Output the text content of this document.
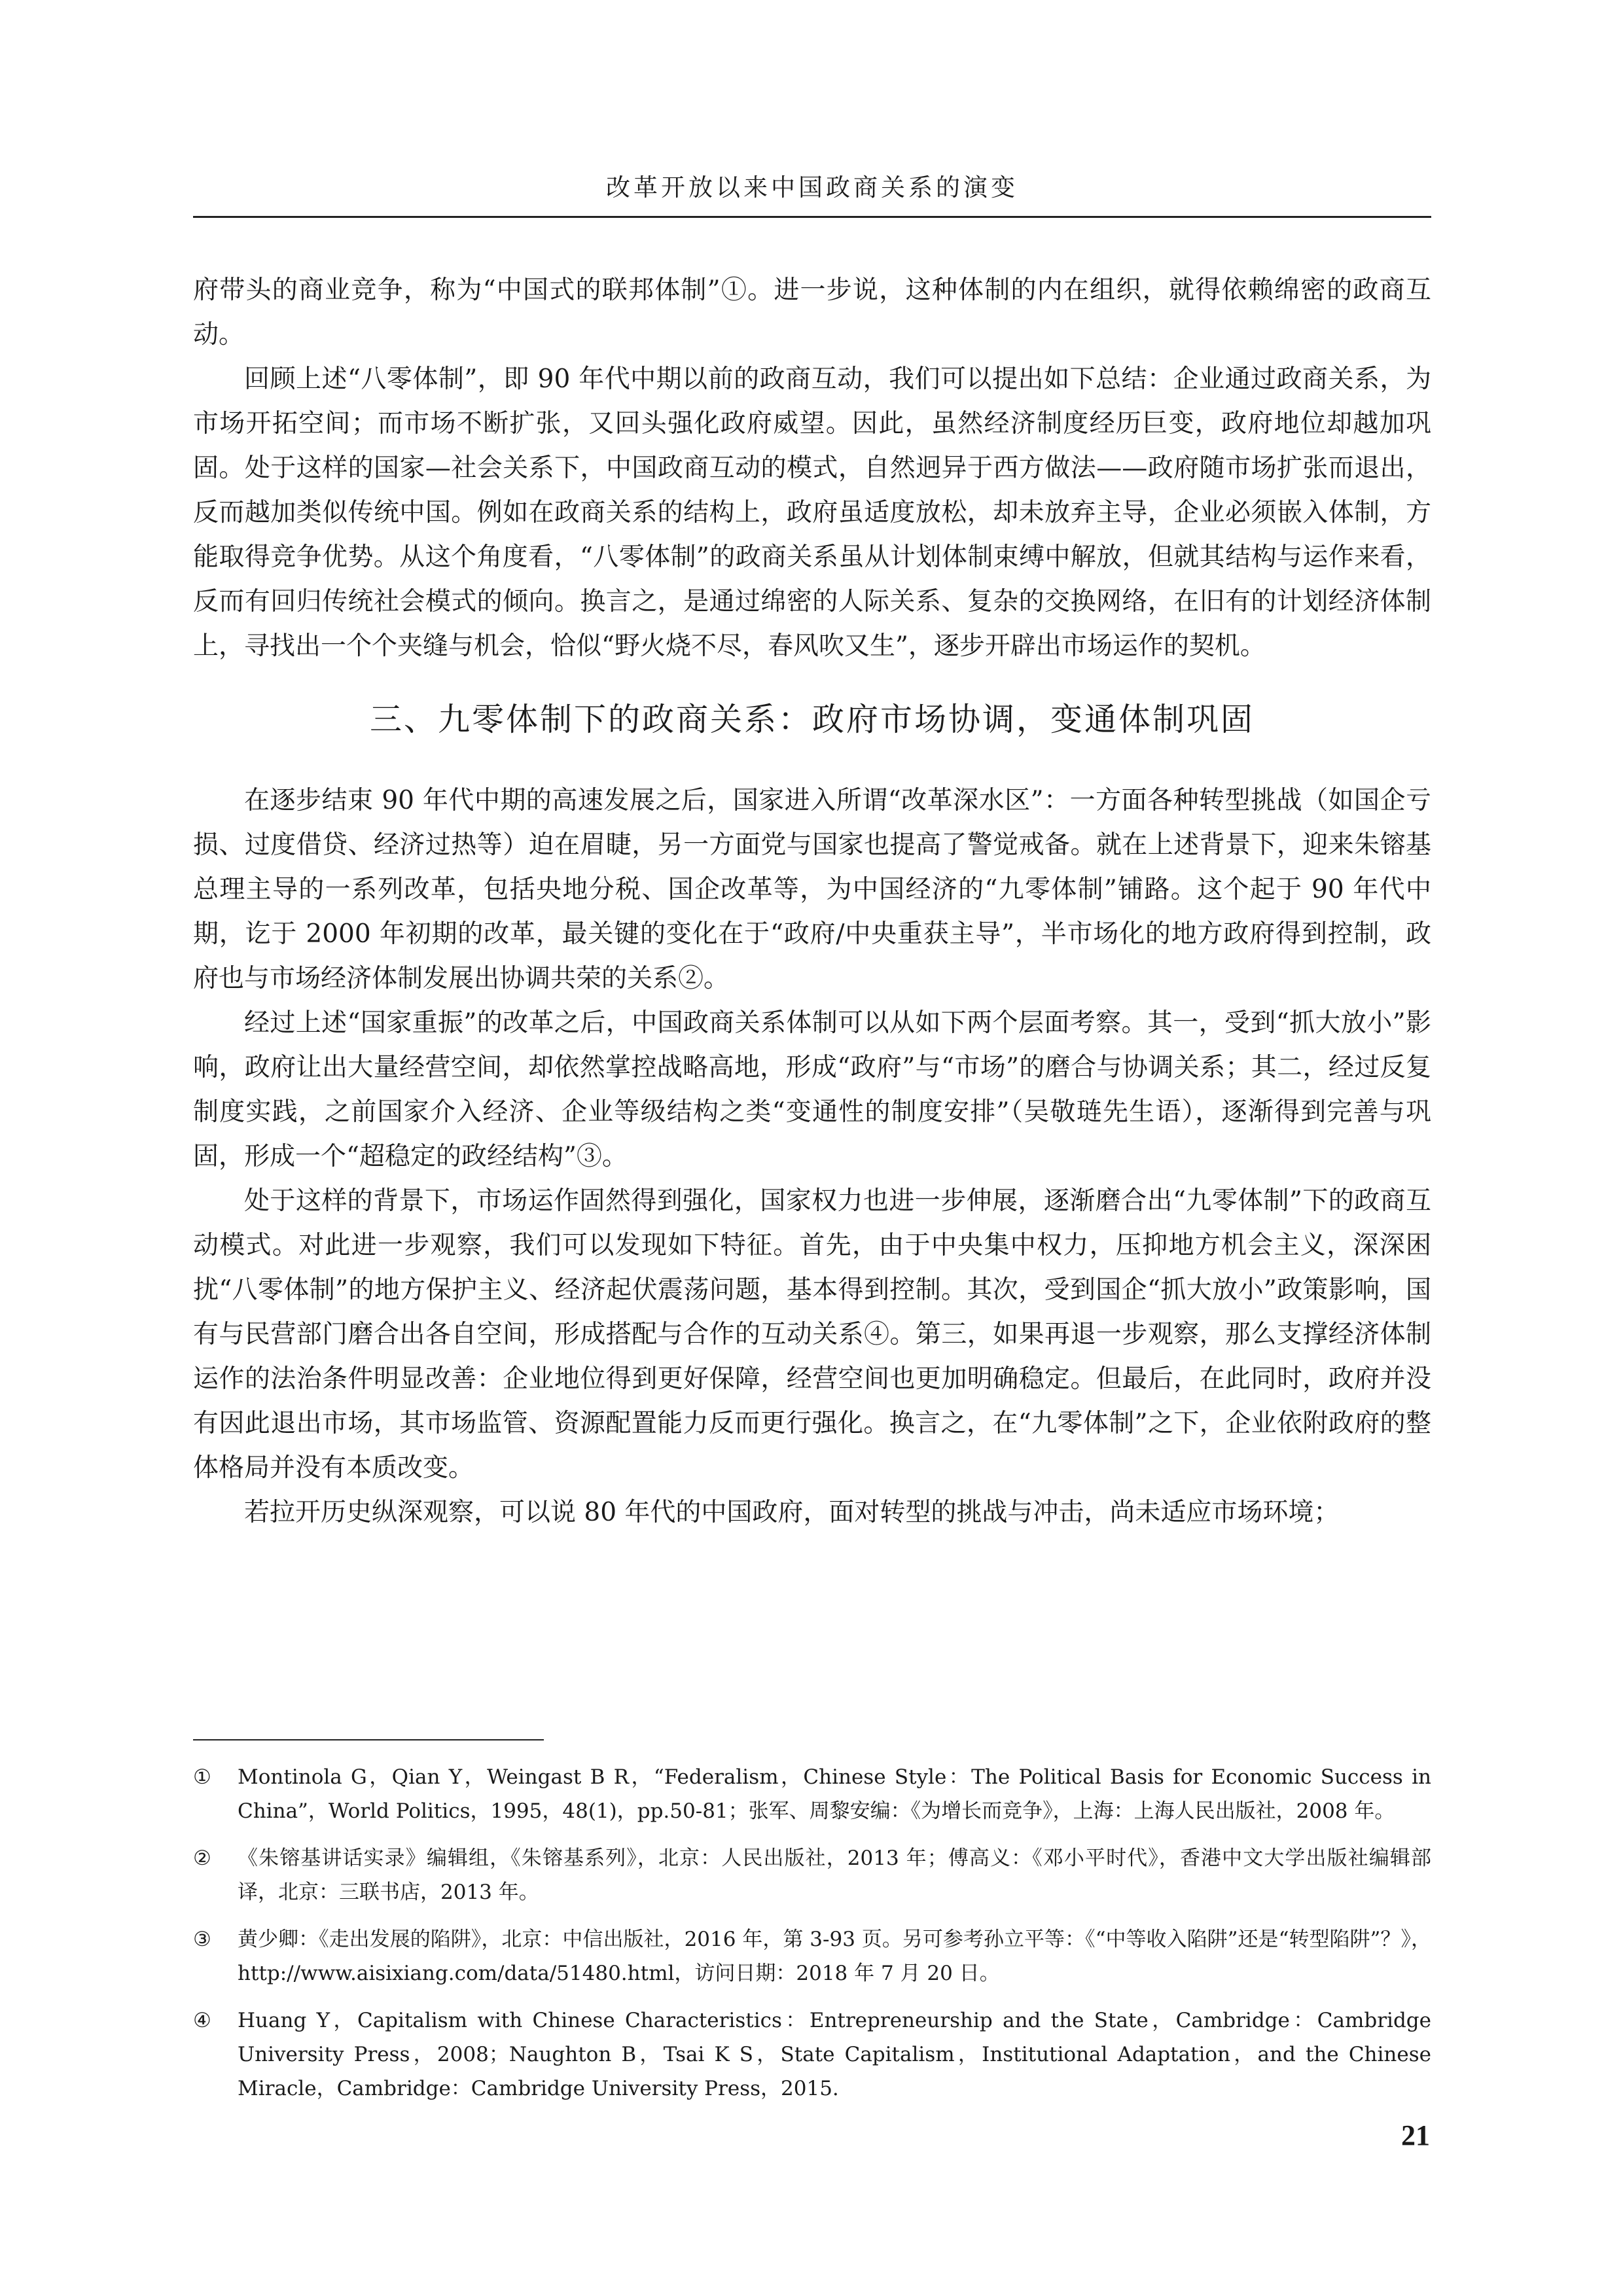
改革开放以来中国政商关系的演变

府带头的商业竞争，称为“中国式的联邦体制”①。进一步说，这种体制的内在组织，就得依赖绵密的政商互动。

回顾上述“八零体制”，即 90 年代中期以前的政商互动，我们可以提出如下总结：企业通过政商关系，为市场开拓空间；而市场不断扩张，又回头强化政府威望。因此，虽然经济制度经历巨变，政府地位却越加巩固。处于这样的国家—社会关系下，中国政商互动的模式，自然迥异于西方做法——政府随市场扩张而退出，反而越加类似传统中国。例如在政商关系的结构上，政府虽适度放松，却未放弃主导，企业必须嵌入体制，方能取得竞争优势。从这个角度看，“八零体制”的政商关系虽从计划体制束缚中解放，但就其结构与运作来看，反而有回归传统社会模式的倾向。换言之，是通过绵密的人际关系、复杂的交换网络，在旧有的计划经济体制上，寻找出一个个夹缝与机会，恰似“野火烧不尽，春风吹又生”，逐步开辟出市场运作的契机。

三、九零体制下的政商关系：政府市场协调，变通体制巩固

在逐步结束 90 年代中期的高速发展之后，国家进入所谓“改革深水区”：一方面各种转型挑战（如国企亏损、过度借贷、经济过热等）迫在眉睫，另一方面党与国家也提高了警觉戒备。就在上述背景下，迎来朱镕基总理主导的一系列改革，包括央地分税、国企改革等，为中国经济的“九零体制”铺路。这个起于 90 年代中期，讫于 2000 年初期的改革，最关键的变化在于“政府/中央重获主导”，半市场化的地方政府得到控制，政府也与市场经济体制发展出协调共荣的关系②。

经过上述“国家重振”的改革之后，中国政商关系体制可以从如下两个层面考察。其一，受到“抓大放小”影响，政府让出大量经营空间，却依然掌控战略高地，形成“政府”与“市场”的磨合与协调关系；其二，经过反复制度实践，之前国家介入经济、企业等级结构之类“变通性的制度安排”（吴敬琏先生语），逐渐得到完善与巩固，形成一个“超稳定的政经结构”③。

处于这样的背景下，市场运作固然得到强化，国家权力也进一步伸展，逐渐磨合出“九零体制”下的政商互动模式。对此进一步观察，我们可以发现如下特征。首先，由于中央集中权力，压抑地方机会主义，深深困扰“八零体制”的地方保护主义、经济起伏震荡问题，基本得到控制。其次，受到国企“抓大放小”政策影响，国有与民营部门磨合出各自空间，形成搭配与合作的互动关系④。第三，如果再退一步观察，那么支撑经济体制运作的法治条件明显改善：企业地位得到更好保障，经营空间也更加明确稳定。但最后，在此同时，政府并没有因此退出市场，其市场监管、资源配置能力反而更行强化。换言之，在“九零体制”之下，企业依附政府的整体格局并没有本质改变。

若拉开历史纵深观察，可以说 80 年代的中国政府，面对转型的挑战与冲击，尚未适应市场环境；

①	Montinola G，Qian Y，Weingast B R，“Federalism，Chinese Style：The Political Basis for Economic Success in China”，World Politics，1995，48(1)，pp.50-81；张军、周黎安编：《为增长而竞争》，上海：上海人民出版社，2008 年。
②	《朱镕基讲话实录》编辑组，《朱镕基系列》，北京：人民出版社，2013 年；傅高义：《邓小平时代》，香港中文大学出版社编辑部译，北京：三联书店，2013 年。
③	黄少卿：《走出发展的陷阱》，北京：中信出版社，2016 年，第 3-93 页。另可参考孙立平等：《“中等收入陷阱”还是“转型陷阱”？》，http://www.aisixiang.com/data/51480.html，访问日期：2018 年 7 月 20 日。
④	Huang Y，Capitalism with Chinese Characteristics：Entrepreneurship and the State，Cambridge：Cambridge University Press，2008；Naughton B，Tsai K S，State Capitalism，Institutional Adaptation，and the Chinese Miracle，Cambridge：Cambridge University Press，2015.
21
